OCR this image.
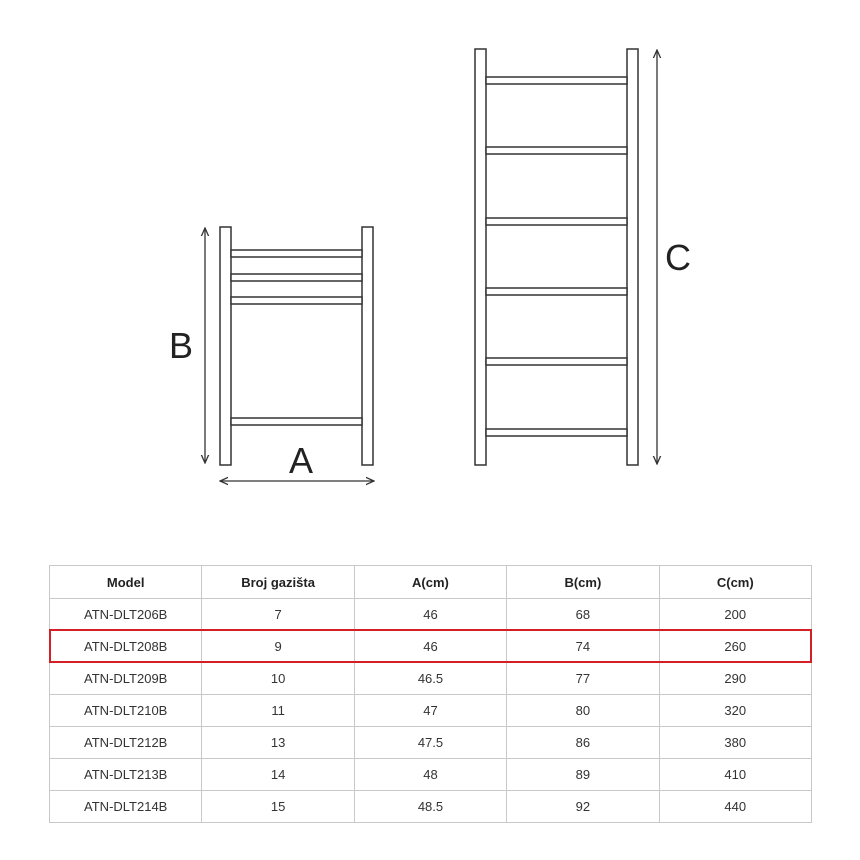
B
A
C
Model	Broj gazišta	A(cm)	B(cm)	C(cm)
ATN-DLT206B	7	46	68	200
ATN-DLT208B	9	46	74	260
ATN-DLT209B	10	46.5	77	290
ATN-DLT210B	11	47	80	320
ATN-DLT212B	13	47.5	86	380
ATN-DLT213B	14	48	89	410
ATN-DLT214B	15	48.5	92	440
